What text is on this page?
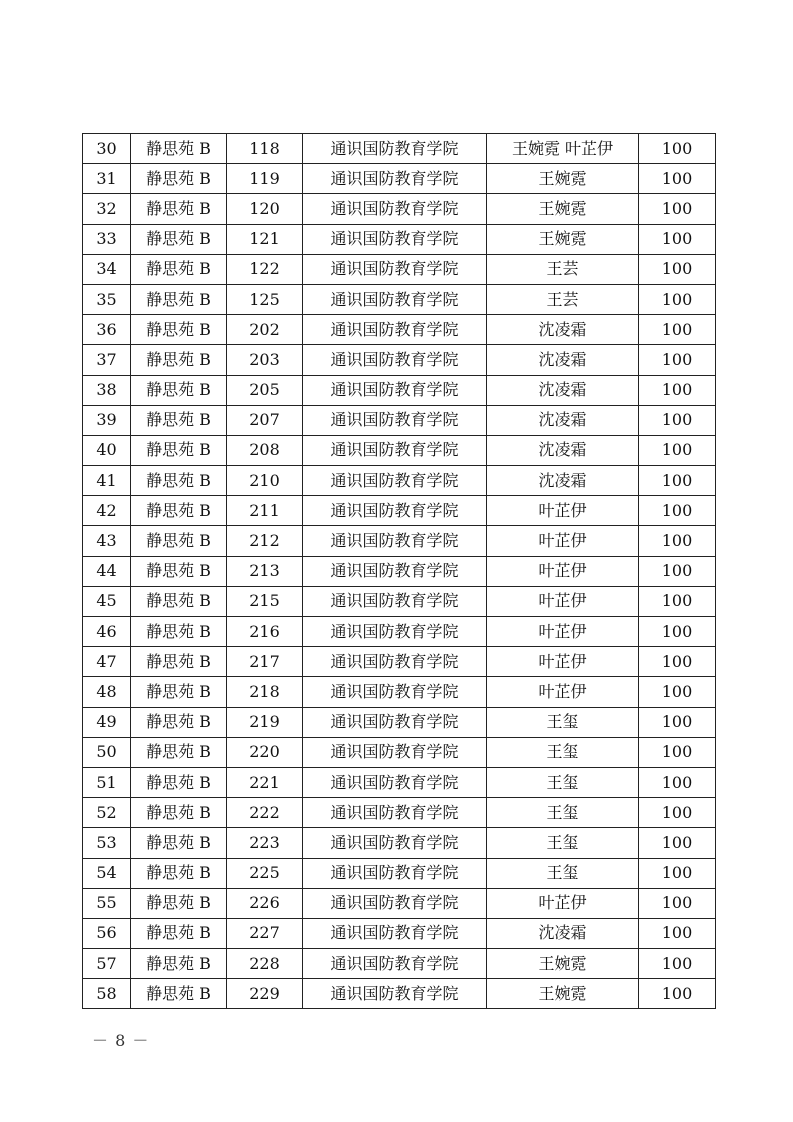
30	静思苑 B	118	通识国防教育学院	王婉霓 叶芷伊	100
31	静思苑 B	119	通识国防教育学院	王婉霓	100
32	静思苑 B	120	通识国防教育学院	王婉霓	100
33	静思苑 B	121	通识国防教育学院	王婉霓	100
34	静思苑 B	122	通识国防教育学院	王芸	100
35	静思苑 B	125	通识国防教育学院	王芸	100
36	静思苑 B	202	通识国防教育学院	沈凌霜	100
37	静思苑 B	203	通识国防教育学院	沈凌霜	100
38	静思苑 B	205	通识国防教育学院	沈凌霜	100
39	静思苑 B	207	通识国防教育学院	沈凌霜	100
40	静思苑 B	208	通识国防教育学院	沈凌霜	100
41	静思苑 B	210	通识国防教育学院	沈凌霜	100
42	静思苑 B	211	通识国防教育学院	叶芷伊	100
43	静思苑 B	212	通识国防教育学院	叶芷伊	100
44	静思苑 B	213	通识国防教育学院	叶芷伊	100
45	静思苑 B	215	通识国防教育学院	叶芷伊	100
46	静思苑 B	216	通识国防教育学院	叶芷伊	100
47	静思苑 B	217	通识国防教育学院	叶芷伊	100
48	静思苑 B	218	通识国防教育学院	叶芷伊	100
49	静思苑 B	219	通识国防教育学院	王玺	100
50	静思苑 B	220	通识国防教育学院	王玺	100
51	静思苑 B	221	通识国防教育学院	王玺	100
52	静思苑 B	222	通识国防教育学院	王玺	100
53	静思苑 B	223	通识国防教育学院	王玺	100
54	静思苑 B	225	通识国防教育学院	王玺	100
55	静思苑 B	226	通识国防教育学院	叶芷伊	100
56	静思苑 B	227	通识国防教育学院	沈凌霜	100
57	静思苑 B	228	通识国防教育学院	王婉霓	100
58	静思苑 B	229	通识国防教育学院	王婉霓	100
－ 8 －
